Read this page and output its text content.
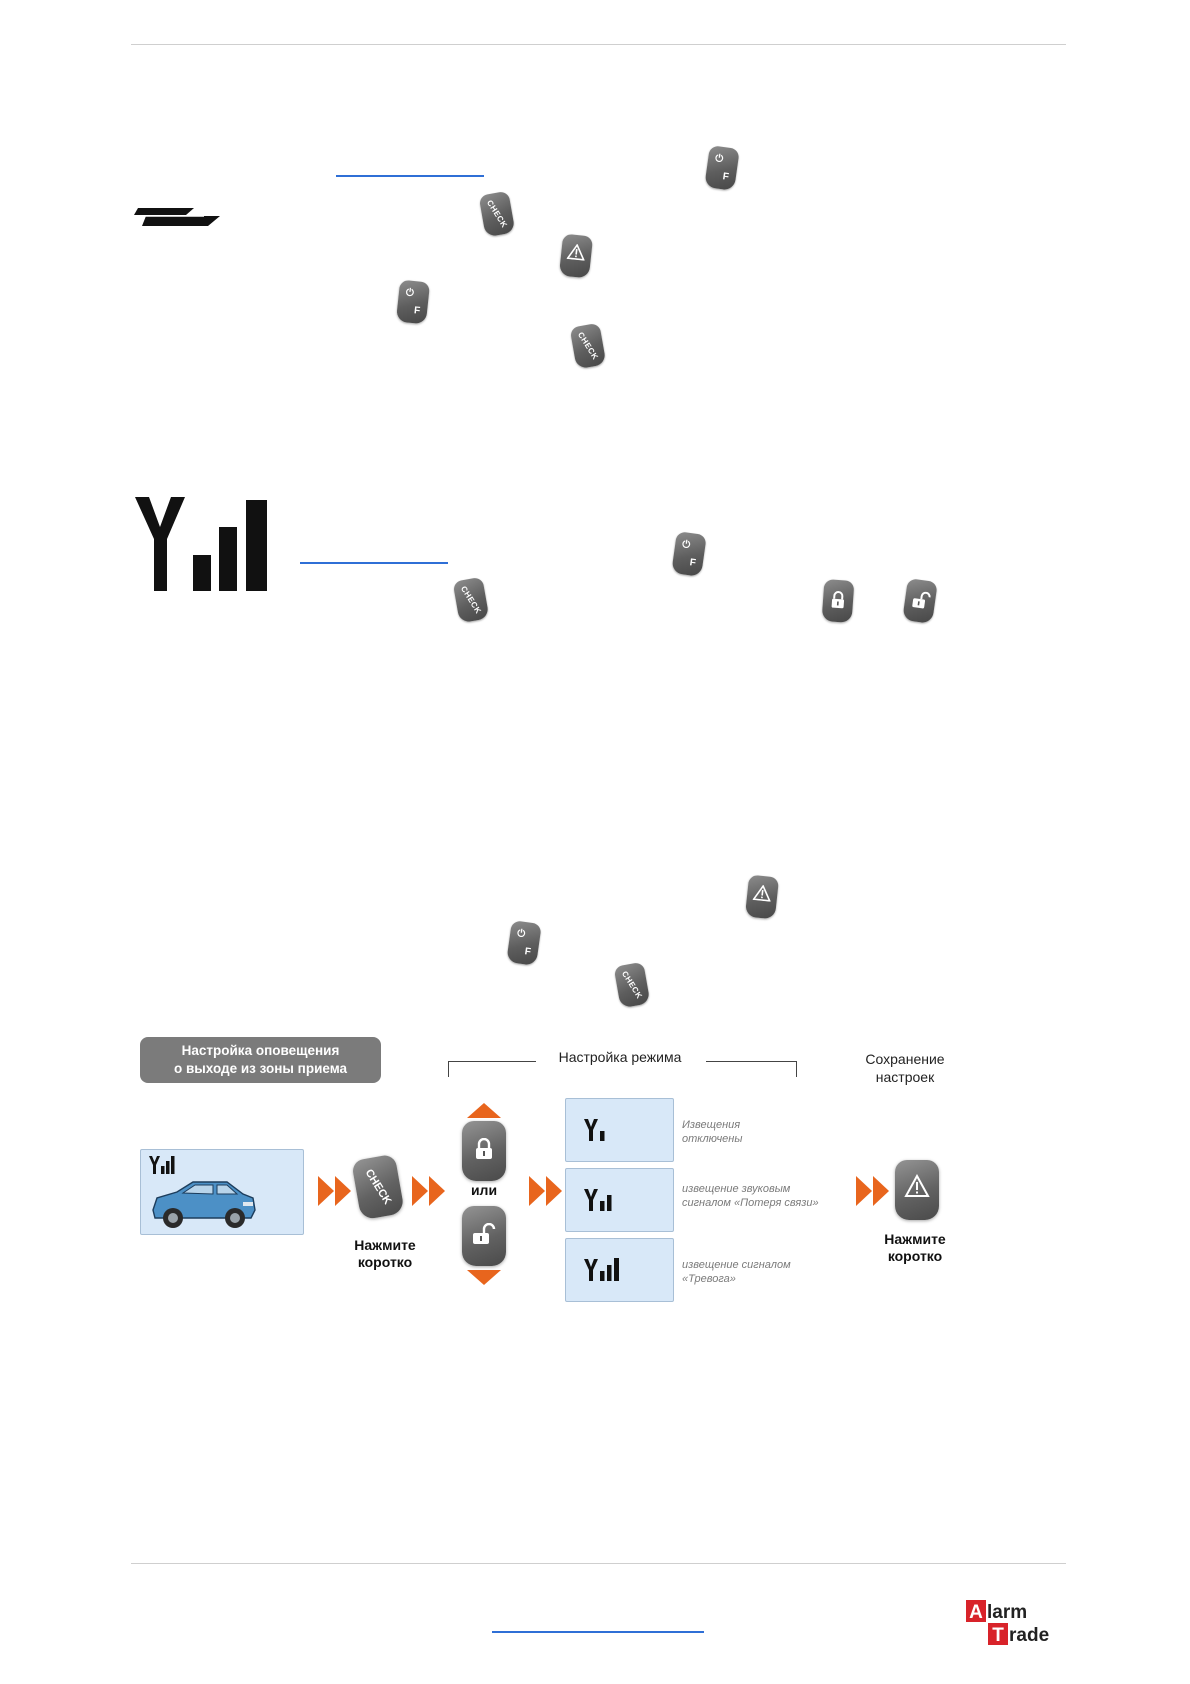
⏻
F
CHECK
⏻
F
CHECK
⏻
F
CHECK
⏻
F
CHECK
Настройка оповещения
о выходе из зоны приема
Настройка режима	Сохранение
настроек
CHECK
Нажмите
коротко
или
Извещения
отключены
извещение звуковым
сигналом «Потеря связи»
извещение сигналом
«Тревога»
Нажмите
коротко
A larm
T rade
